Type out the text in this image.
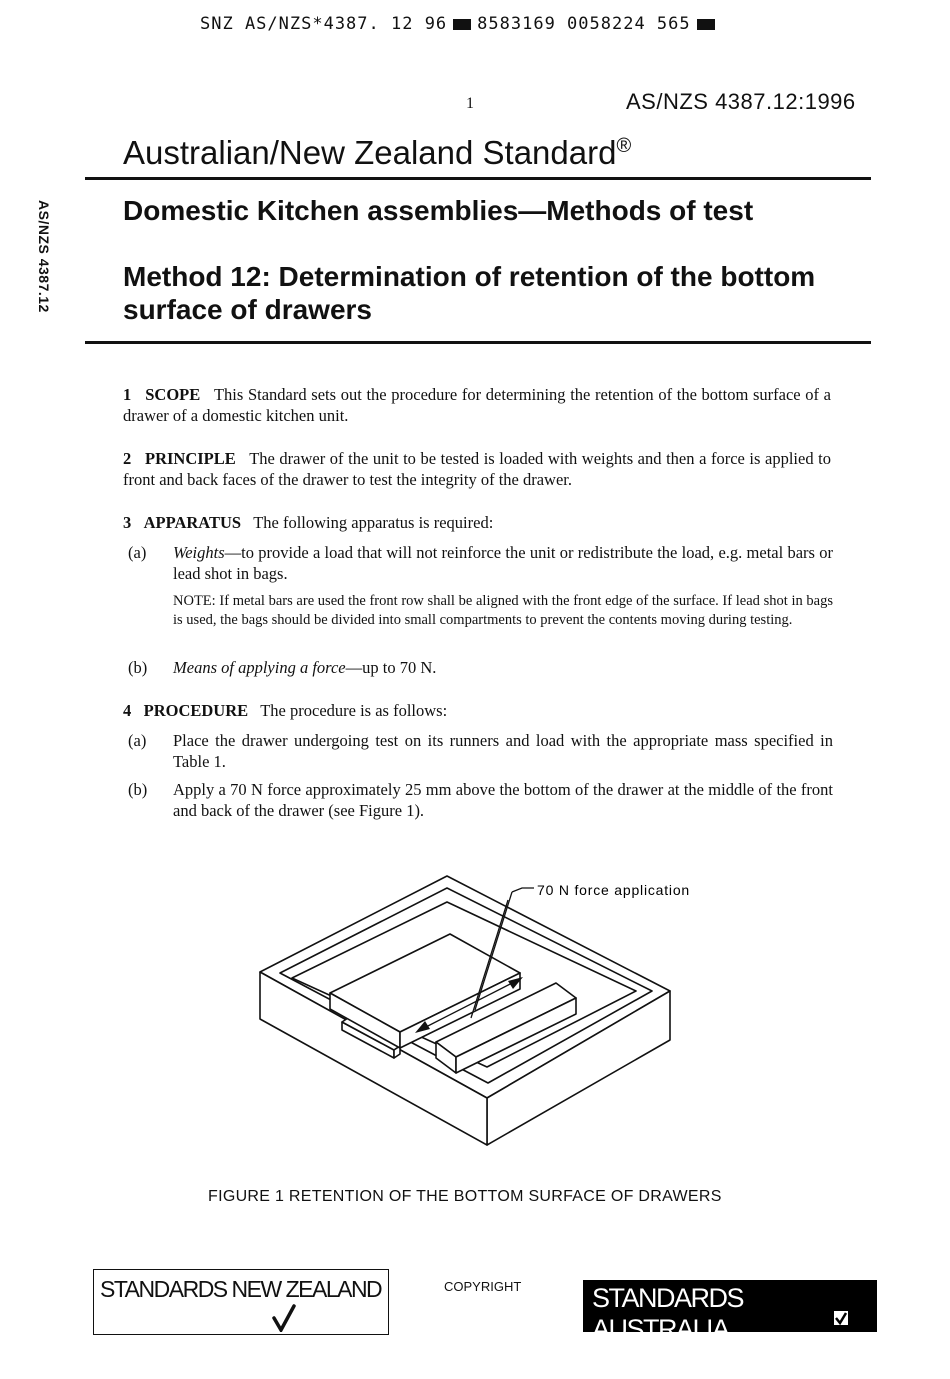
SNZ AS/NZS*4387. 12 96 8583169 0058224 565
1	AS/NZS 4387.12:1996
Australian/New Zealand Standard®
AS/NZS 4387.12	Domestic Kitchen assemblies—Methods of test
Method 12: Determination of retention of the bottom surface of drawers
1 SCOPE This Standard sets out the procedure for determining the retention of the bottom surface of a drawer of a domestic kitchen unit.
2 PRINCIPLE The drawer of the unit to be tested is loaded with weights and then a force is applied to front and back faces of the drawer to test the integrity of the drawer.
3 APPARATUS The following apparatus is required:
(a) Weights—to provide a load that will not reinforce the unit or redistribute the load, e.g. metal bars or lead shot in bags.
NOTE: If metal bars are used the front row shall be aligned with the front edge of the surface. If lead shot in bags is used, the bags should be divided into small compartments to prevent the contents moving during testing.
(b) Means of applying a force—up to 70 N.
4 PROCEDURE The procedure is as follows:
(a) Place the drawer undergoing test on its runners and load with the appropriate mass specified in Table 1.
(b) Apply a 70 N force approximately 25 mm above the bottom of the drawer at the middle of the front and back of the drawer (see Figure 1).
70 N force application
FIGURE 1 RETENTION OF THE BOTTOM SURFACE OF DRAWERS
STANDARDS NEW ZEALAND	COPYRIGHT	STANDARDS AUSTRALIA
